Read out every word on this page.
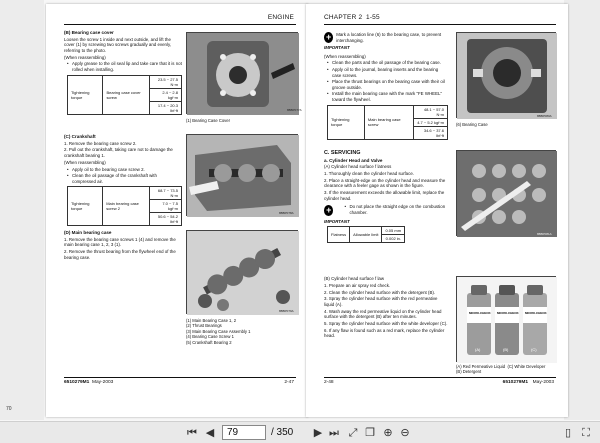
ENGINE
(B) Bearing case cover

Loosen the screw 1 inside and next outside, and lift the cover (1) by screwing two screws gradually and evenly, referring to the photo.

(When reassembling)

• Apply grease to the oil seal lip and take care that it is not rolled when installing.
Tightening torque	Bearing case cover screw	23.5 ~ 27.5 N·m
2.4 ~ 2.8 kgf·m
17.4 ~ 20.3 lbf·ft
(C) Crankshaft

1. Remove the bearing case screw 2.

2. Pull out the crankshaft, taking care not to damage the crankshaft bearing 1.

(When reassembling)

• Apply oil to the bearing case screw 2.
• Clean the oil passage of the crankshaft with compressed air.
Tightening torque	Main bearing case screw 2	68.7 ~ 73.5 N·m
7.0 ~ 7.5 kgf·m
50.6 ~ 54.2 lbf·ft
(D) Main bearing case

1. Remove the bearing case screws 1 (4) and remove the main bearing case 1, 2, 3 (1).

2. Remove the thrust bearing from the flywheel end of the bearing case.

8BBP077A
(1) Bearing Case Cover
8BBP078A
8BBP079A
(1) Main Bearing Case 1, 2
(2) Thrust Bearings
(3) Main Bearing Case Assembly 1
(4) Bearing Case Screw 1
(5) Crankshaft Bearing 2
6510279M1 May-2003	2-47
CHAPTER 2 1-55
+	Mark a location line (6) to the bearing case, to prevent interchanging.
IMPORTANT

(When reassembling)

• Clean the parts and the oil passage of the bearing case.
• Apply oil to the journal, bearing inserts and the bearing case screws.
• Place the thrust bearings on the bearing case with their oil groove outside.
• Install the main bearing case with the mark "FE WHEEL" toward the flywheel.
Tightening torque	Main bearing case screw	48.1 ~ 57.0 N·m
4.7 ~ 5.2 kgf·m
34.6 ~ 37.6 lbf·ft
C. SERVICING
a. Cylinder Head and Valve

(A) Cylinder head surface f latness

1. Thoroughly clean the cylinder head surface.

2. Place a straight-edge on the cylinder head and measure the clearance with a feeler gage as shown in the figure.

3. If the measurement exceeds the allowable limit, replace the cylinder head.

+
•	Do not place the straight edge on the combustion chamber.
IMPORTANT
Flatness	Allowable limit	0.05 mm
0.002 in.

(B) Cylinder head surface f law

1. Prepare an air spray red check.

2. Clean the cylinder head surface with the detergent (B).

3. Spray the cylinder head surface with the red permeative liquid (A).

4. Wash away the red permeative liquid on the cylinder head surface with the detergent (B) after ten minutes.

5. Spray the cylinder head surface with the white developer (C).

6. If any flaw is found such as a red mark, replace the cylinder head.

8BBP080A
(6) Bearing Case
8BBP081A
MICRO-CHECK
(A)
MICRO-CHECK
(B)
MICRO-CHECK
(C)
(A) Red Permeative Liquid (C) White Developer
(B) Detergent
2-48	6510279M1 May-2003
70
⏮ ◀	79	/ 350	▶ ⏭ ⤢ ❐ ⊕ ⊖	▯	⛶
